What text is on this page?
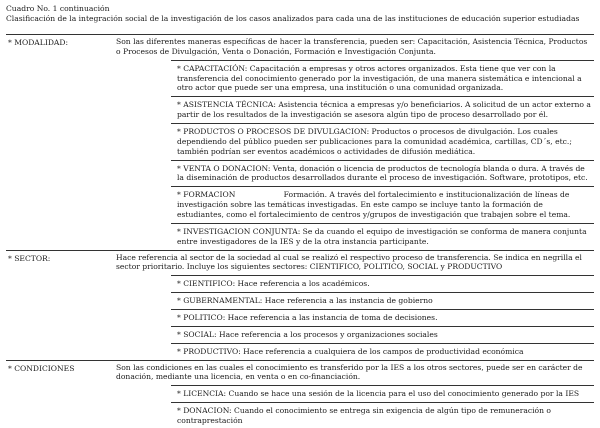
Cuadro No. 1 continuación
Clasificación de la integración social de la investigación de los casos analizados para cada una de las instituciones de educación superior estudiadas
* MODALIDAD:	Son las diferentes maneras específicas de hacer la transferencia, pueden ser: Capacitación, Asistencia Técnica, Productos o Procesos de Divulgación, Venta o Donación, Formación e Investigación Conjunta.
* CAPACITACIÓN: Capacitación a empresas y otros actores organizados. Esta tiene que ver con la transferencia del conocimiento generado por la investigación, de una manera sistemática e intencional a otro actor que puede ser una empresa, una institución o una comunidad organizada.
* ASISTENCIA TÉCNICA: Asistencia técnica a empresas y/o beneficiarios. A solicitud de un actor externo a partir de los resultados de la investigación se asesora algún tipo de proceso desarrollado por él.
* PRODUCTOS O PROCESOS DE DIVULGACION: Productos o procesos de divulgación. Los cuales dependiendo del público pueden ser publicaciones para la comunidad académica, cartillas, CD´s, etc.; también podrían ser eventos académicos o actividades de difusión mediática.
* VENTA O DONACION: Venta, donación o licencia de productos de tecnología blanda o dura. A través de la diseminación de productos desarrollados durante el proceso de investigación. Software, prototipos, etc.
* FORMACION                    Formación. A través del fortalecimiento e institucionalización de líneas de investigación sobre las temáticas investigadas. En este campo se incluye tanto la formación de estudiantes, como el fortalecimiento de centros y/grupos de investigación que trabajen sobre el tema.
* INVESTIGACION CONJUNTA: Se da cuando el equipo de investigación se conforma de manera conjunta entre investigadores de la IES y de la otra instancia participante.
* SECTOR:	Hace referencia al sector de la sociedad al cual se realizó el respectivo proceso de transferencia. Se indica en negrilla el sector prioritario. Incluye los siguientes sectores: CIENTIFICO, POLITICO, SOCIAL y PRODUCTIVO
* CIENTIFICO: Hace referencia a los académicos.
* GUBERNAMENTAL: Hace referencia a las instancia de gobierno
* POLITICO: Hace referencia a las instancia de toma de decisiones.
* SOCIAL: Hace referencia a los procesos y organizaciones sociales
* PRODUCTIVO: Hace referencia a cualquiera de los campos de productividad económica
* CONDICIONES	Son las condiciones en las cuales el conocimiento es transferido por la IES a los otros sectores, puede ser en carácter de donación, mediante una licencia, en venta o en co-financiación.
* LICENCIA: Cuando se hace una sesión de la licencia para el uso del conocimiento generado por la IES
* DONACION: Cuando el conocimiento se entrega sin exigencia de algún tipo de remuneración o contraprestación
